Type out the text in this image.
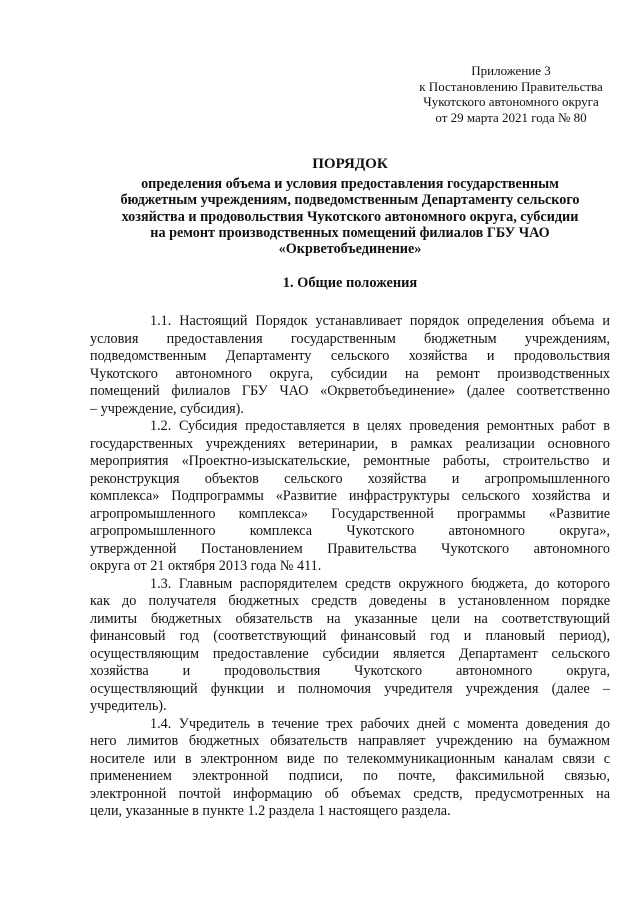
Приложение 3
к Постановлению Правительства
Чукотского автономного округа
от 29 марта 2021 года № 80
ПОРЯДОК
определения объема и условия предоставления государственным
бюджетным учреждениям, подведомственным Департаменту сельского
хозяйства и продовольствия Чукотского автономного округа, субсидии
на ремонт производственных помещений филиалов ГБУ ЧАО
«Окрветобъединение»
1. Общие положения
1.1. Настоящий Порядок устанавливает порядок определения объема и
условия предоставления государственным бюджетным учреждениям,
подведомственным Департаменту сельского хозяйства и продовольствия
Чукотского автономного округа, субсидии на ремонт производственных
помещений филиалов ГБУ ЧАО «Окрветобъединение» (далее соответственно
– учреждение, субсидия).
1.2. Субсидия предоставляется в целях проведения ремонтных работ в
государственных учреждениях ветеринарии, в рамках реализации основного
мероприятия «Проектно-изыскательские, ремонтные работы, строительство и
реконструкция объектов сельского хозяйства и агропромышленного
комплекса» Подпрограммы «Развитие инфраструктуры сельского хозяйства и
агропромышленного комплекса» Государственной программы «Развитие
агропромышленного комплекса Чукотского автономного округа»,
утвержденной Постановлением Правительства Чукотского автономного
округа от 21 октября 2013 года № 411.
1.3. Главным распорядителем средств окружного бюджета, до которого
как до получателя бюджетных средств доведены в установленном порядке
лимиты бюджетных обязательств на указанные цели на соответствующий
финансовый год (соответствующий финансовый год и плановый период),
осуществляющим предоставление субсидии является Департамент сельского
хозяйства и продовольствия Чукотского автономного округа,
осуществляющий функции и полномочия учредителя учреждения (далее –
учредитель).
1.4. Учредитель в течение трех рабочих дней с момента доведения до
него лимитов бюджетных обязательств направляет учреждению на бумажном
носителе или в электронном виде по телекоммуникационным каналам связи с
применением электронной подписи, по почте, факсимильной связью,
электронной почтой информацию об объемах средств, предусмотренных на
цели, указанные в пункте 1.2 раздела 1 настоящего раздела.
